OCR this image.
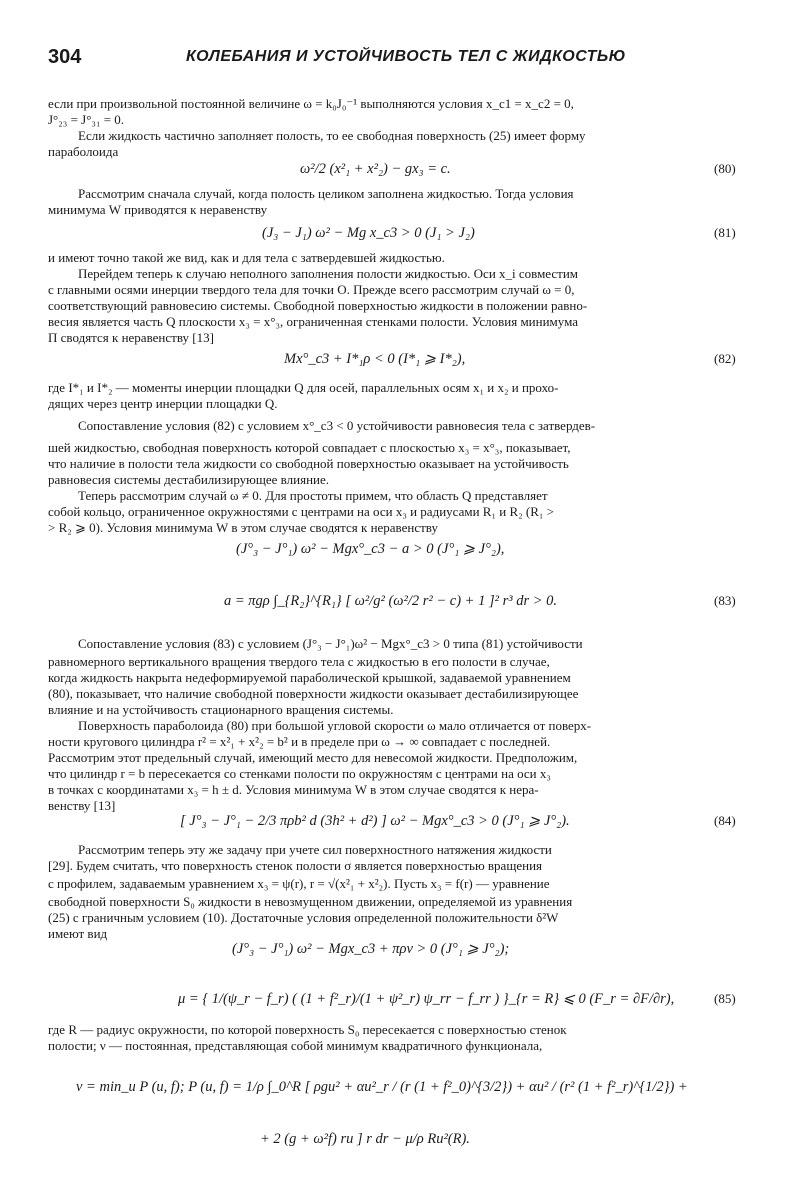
304	КОЛЕБАНИЯ И УСТОЙЧИВОСТЬ ТЕЛ С ЖИДКОСТЬЮ
если при произвольной постоянной величине ω = k₀J₀⁻¹ выполняются условия x_c1 = x_c2 = 0,
J°₂₃ = J°₃₁ = 0.
Если жидкость частично заполняет полость, то ее свободная поверхность (25) имеет форму
параболоида
Рассмотрим сначала случай, когда полость целиком заполнена жидкостью. Тогда условия
минимума W приводятся к неравенству
и имеют точно такой же вид, как и для тела с затвердевшей жидкостью.
Перейдем теперь к случаю неполного заполнения полости жидкостью. Оси x_i совместим
с главными осями инерции твердого тела для точки O. Прежде всего рассмотрим случай ω = 0,
соответствующий равновесию системы. Свободной поверхностью жидкости в положении равно-
весия является часть Q плоскости x₃ = x°₃, ограниченная стенками полости. Условия минимума
П сводятся к неравенству [13]
где I*₁ и I*₂ — моменты инерции площадки Q для осей, параллельных осям x₁ и x₂ и прохо-
дящих через центр инерции площадки Q.
Сопоставление условия (82) с условием x°_c3 < 0 устойчивости равновесия тела с затвердев-
шей жидкостью, свободная поверхность которой совпадает с плоскостью x₃ = x°₃, показывает,
что наличие в полости тела жидкости со свободной поверхностью оказывает на устойчивость
равновесия системы дестабилизирующее влияние.
Теперь рассмотрим случай ω ≠ 0. Для простоты примем, что область Q представляет
собой кольцо, ограниченное окружностями с центрами на оси x₃ и радиусами R₁ и R₂ (R₁ >
> R₂ ⩾ 0). Условия минимума W в этом случае сводятся к неравенству
Сопоставление условия (83) с условием (J°₃ − J°₁)ω² − Mgx°_c3 > 0 типа (81) устойчивости
равномерного вертикального вращения твердого тела с жидкостью в его полости в случае,
когда жидкость накрыта недеформируемой параболической крышкой, задаваемой уравнением
(80), показывает, что наличие свободной поверхности жидкости оказывает дестабилизирующее
влияние и на устойчивость стационарного вращения системы.
Поверхность параболоида (80) при большой угловой скорости ω мало отличается от поверх-
ности кругового цилиндра r² = x²₁ + x²₂ = b² и в пределе при ω → ∞ совпадает с последней.
Рассмотрим этот предельный случай, имеющий место для невесомой жидкости. Предположим,
что цилиндр r = b пересекается со стенками полости по окружностям с центрами на оси x₃
в точках с координатами x₃ = h ± d. Условия минимума W в этом случае сводятся к нера-
венству [13]
Рассмотрим теперь эту же задачу при учете сил поверхностного натяжения жидкости
[29]. Будем считать, что поверхность стенок полости σ является поверхностью вращения
с профилем, задаваемым уравнением x₃ = ψ(r), r = √(x²₁ + x²₂). Пусть x₃ = f(r) — уравнение
свободной поверхности S₀ жидкости в невозмущенном движении, определяемой из уравнения
(25) с граничным условием (10). Достаточные условия определенной положительности δ²W
имеют вид
где R — радиус окружности, по которой поверхность S₀ пересекается с поверхностью стенок
полости; ν — постоянная, представляющая собой минимум квадратичного функционала,
ω²/2 (x²₁ + x²₂) − gx₃ = c.	(80)
(J₃ − J₁) ω² − Mg x_c3 > 0 (J₁ > J₂)	(81)
Mx°_c3 + I*₁ρ < 0 (I*₁ ⩾ I*₂),	(82)
(J°₃ − J°₁) ω² − Mgx°_c3 − a > 0 (J°₁ ⩾ J°₂),
a = πgρ ∫_{R₂}^{R₁} [ ω²/g² (ω²/2 r² − c) + 1 ]² r³ dr > 0.	(83)
[ J°₃ − J°₁ − 2/3 πρb² d (3h² + d²) ] ω² − Mgx°_c3 > 0 (J°₁ ⩾ J°₂).	(84)
(J°₃ − J°₁) ω² − Mgx_c3 + πρν > 0 (J°₁ ⩾ J°₂);
μ = { 1/(ψ_r − f_r) ( (1 + f²_r)/(1 + ψ²_r) ψ_rr − f_rr ) }_{r = R} ⩽ 0 (F_r = ∂F/∂r),	(85)
ν = min_u P (u, f); P (u, f) = 1/ρ ∫_0^R [ ρgu² + αu²_r / (r (1 + f²_0)^{3/2}) + αu² / (r² (1 + f²_r)^{1/2}) +
+ 2 (g + ω²f) ru ] r dr − μ/ρ Ru²(R).
